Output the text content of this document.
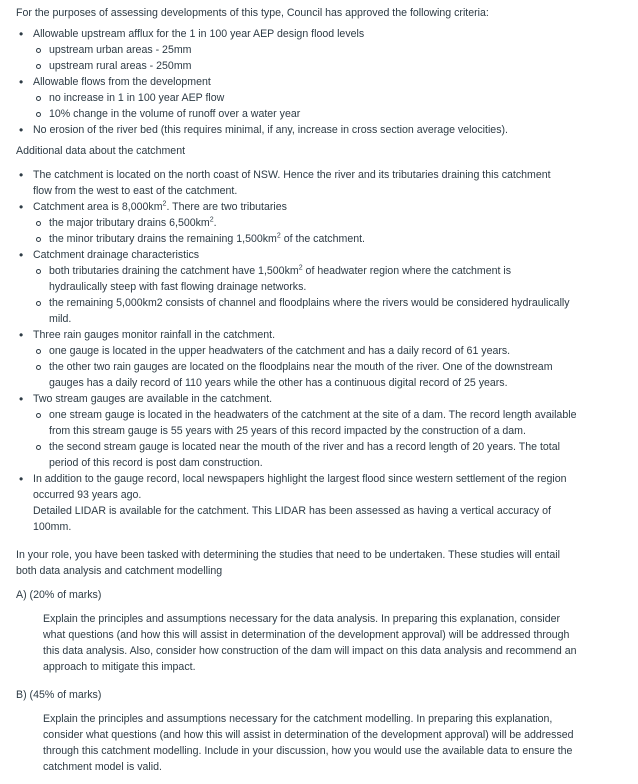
For the purposes of assessing developments of this type, Council has approved the following criteria:

• Allowable upstream afflux for the 1 in 100 year AEP design flood levels
upstream urban areas - 25mm
upstream rural areas - 250mm
• Allowable flows from the development
no increase in 1 in 100 year AEP flow
10% change in the volume of runoff over a water year
• No erosion of the river bed (this requires minimal, if any, increase in cross section average velocities).

Additional data about the catchment

• The catchment is located on the north coast of NSW. Hence the river and its tributaries draining this catchment
flow from the west to east of the catchment.
• Catchment area is $8,000km^2$. There are two tributaries
the major tributary drains $6,500km^2$.
the minor tributary drains the remaining $1,500km^2$ of the catchment.
• Catchment drainage characteristics
both tributaries draining the catchment have $1,500km^2$ of headwater region where the catchment is
hydraulically steep with fast flowing drainage networks.
the remaining 5,000km2 consists of channel and floodplains where the rivers would be considered hydraulically
mild.
• Three rain gauges monitor rainfall in the catchment.
one gauge is located in the upper headwaters of the catchment and has a daily record of 61 years.
the other two rain gauges are located on the floodplains near the mouth of the river. One of the downstream
gauges has a daily record of 110 years while the other has a continuous digital record of 25 years.
• Two stream gauges are available in the catchment.
one stream gauge is located in the headwaters of the catchment at the site of a dam. The record length available
from this stream gauge is 55 years with 25 years of this record impacted by the construction of a dam.
the second stream gauge is located near the mouth of the river and has a record length of 20 years. The total
period of this record is post dam construction.
• In addition to the gauge record, local newspapers highlight the largest flood since western settlement of the region
occurred 93 years ago.
Detailed LIDAR is available for the catchment. This LIDAR has been assessed as having a vertical accuracy of
100mm.
In your role, you have been tasked with determining the studies that need to be undertaken. These studies will entail
both data analysis and catchment modelling
A) (20% of marks)
Explain the principles and assumptions necessary for the data analysis. In preparing this explanation, consider
what questions (and how this will assist in determination of the development approval) will be addressed through
this data analysis. Also, consider how construction of the dam will impact on this data analysis and recommend an
approach to mitigate this impact.
B) (45% of marks)
Explain the principles and assumptions necessary for the catchment modelling. In preparing this explanation,
consider what questions (and how this will assist in determination of the development approval) will be addressed
through this catchment modelling. Include in your discussion, how you would use the available data to ensure the
catchment model is valid.
